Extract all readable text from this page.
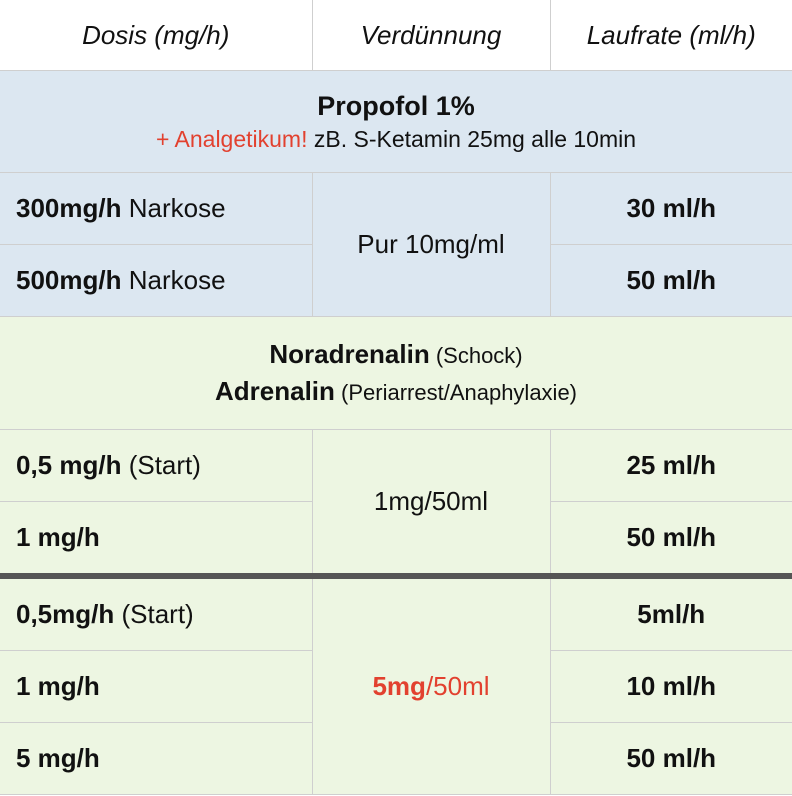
Dosis (mg/h)	Verdünnung	Laufrate (ml/h)

Propofol 1%
+ Analgetikum! zB. S-Ketamin 25mg alle 10min		

300mg/h Narkose	Pur 10mg/ml	30 ml/h
500mg/h Narkose		50 ml/h

Noradrenalin (Schock)
Adrenalin (Periarrest/Anaphylaxie)		

0,5 mg/h (Start)	1mg/50ml	25 ml/h
1 mg/h		50 ml/h
0,5mg/h (Start)	5mg/50ml	5ml/h
1 mg/h		10 ml/h
5 mg/h		50 ml/h
